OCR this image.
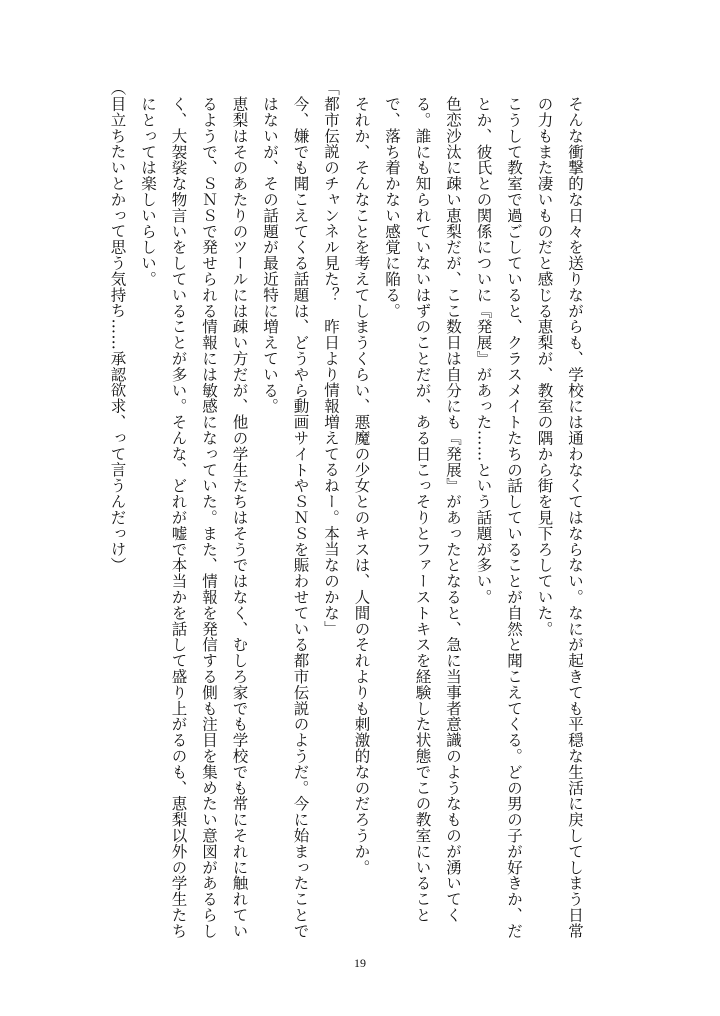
そんな衝撃的な日々を送りながらも、学校には通わなくてはならない。なにが起きても平穏な生活に戻してしまう日常の力もまた凄いものだと感じる恵梨が、教室の隅から街を見下ろしていた。

こうして教室で過ごしていると、クラスメイトたちの話していることが自然と聞こえてくる。どの男の子が好きか、だとか、彼氏との関係についに『発展』があった……という話題が多い。

色恋沙汰に疎い恵梨だが、ここ数日は自分にも『発展』があったとなると、急に当事者意識のようなものが湧いてくる。誰にも知られていないはずのことだが、ある日こっそりとファーストキスを経験した状態でこの教室にいることで、落ち着かない感覚に陥る。

それか、そんなことを考えてしまうくらい、悪魔の少女とのキスは、人間のそれよりも刺激的なのだろうか。

「都市伝説のチャンネル見た？　昨日より情報増えてるねー。本当なのかな」

今、嫌でも聞こえてくる話題は、どうやら動画サイトやＳＮＳを賑わせている都市伝説のようだ。今に始まったことではないが、その話題が最近特に増えている。

恵梨はそのあたりのツールには疎い方だが、他の学生たちはそうではなく、むしろ家でも学校でも常にそれに触れているようで、ＳＮＳで発せられる情報には敏感になっていた。また、情報を発信する側も注目を集めたい意図があるらしく、大袈裟な物言いをしていることが多い。そんな、どれが嘘で本当かを話して盛り上がるのも、恵梨以外の学生たちにとっては楽しいらしい。

（目立ちたいとかって思う気持ち……承認欲求、って言うんだっけ）

19
